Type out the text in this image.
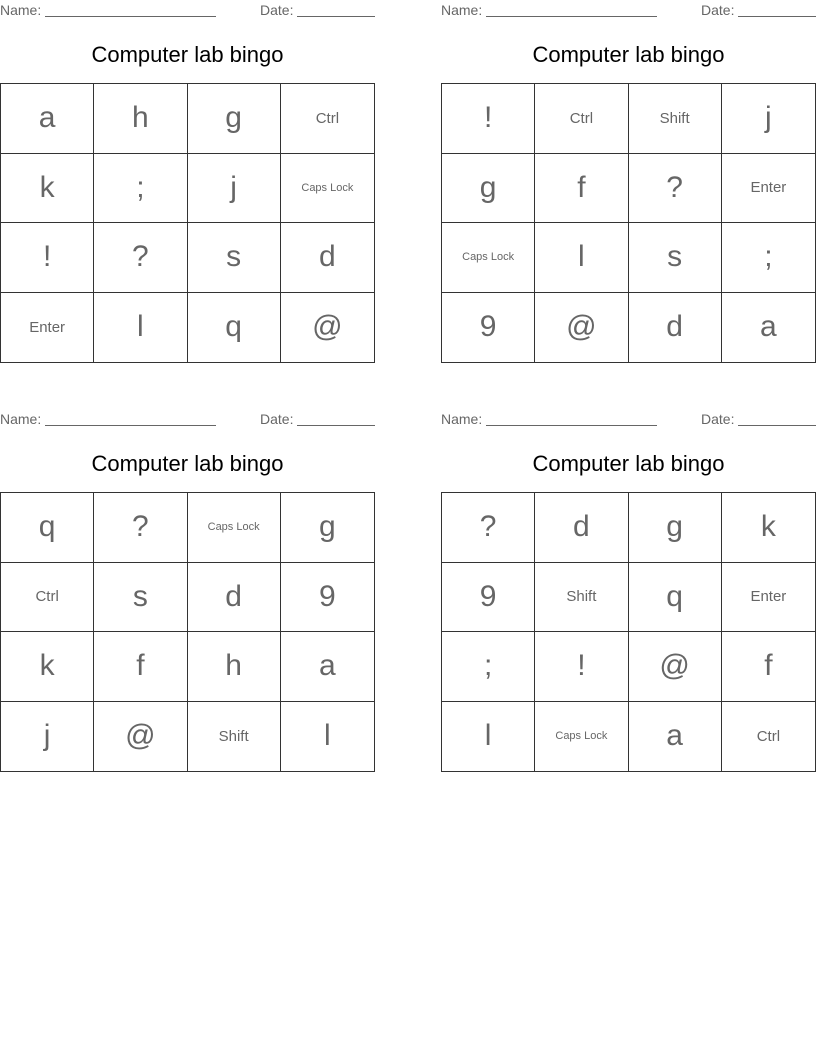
Name:	Date:
Computer lab bingo
a	h	g	Ctrl
k	;	j	Caps Lock
!	?	s	d
Enter	l	q	@
Name:	Date:
Computer lab bingo
!	Ctrl	Shift	j
g	f	?	Enter
Caps Lock	l	s	;
9	@	d	a
Name:	Date:
Computer lab bingo
q	?	Caps Lock	g
Ctrl	s	d	9
k	f	h	a
j	@	Shift	l
Name:	Date:
Computer lab bingo
?	d	g	k
9	Shift	q	Enter
;	!	@	f
l	Caps Lock	a	Ctrl
